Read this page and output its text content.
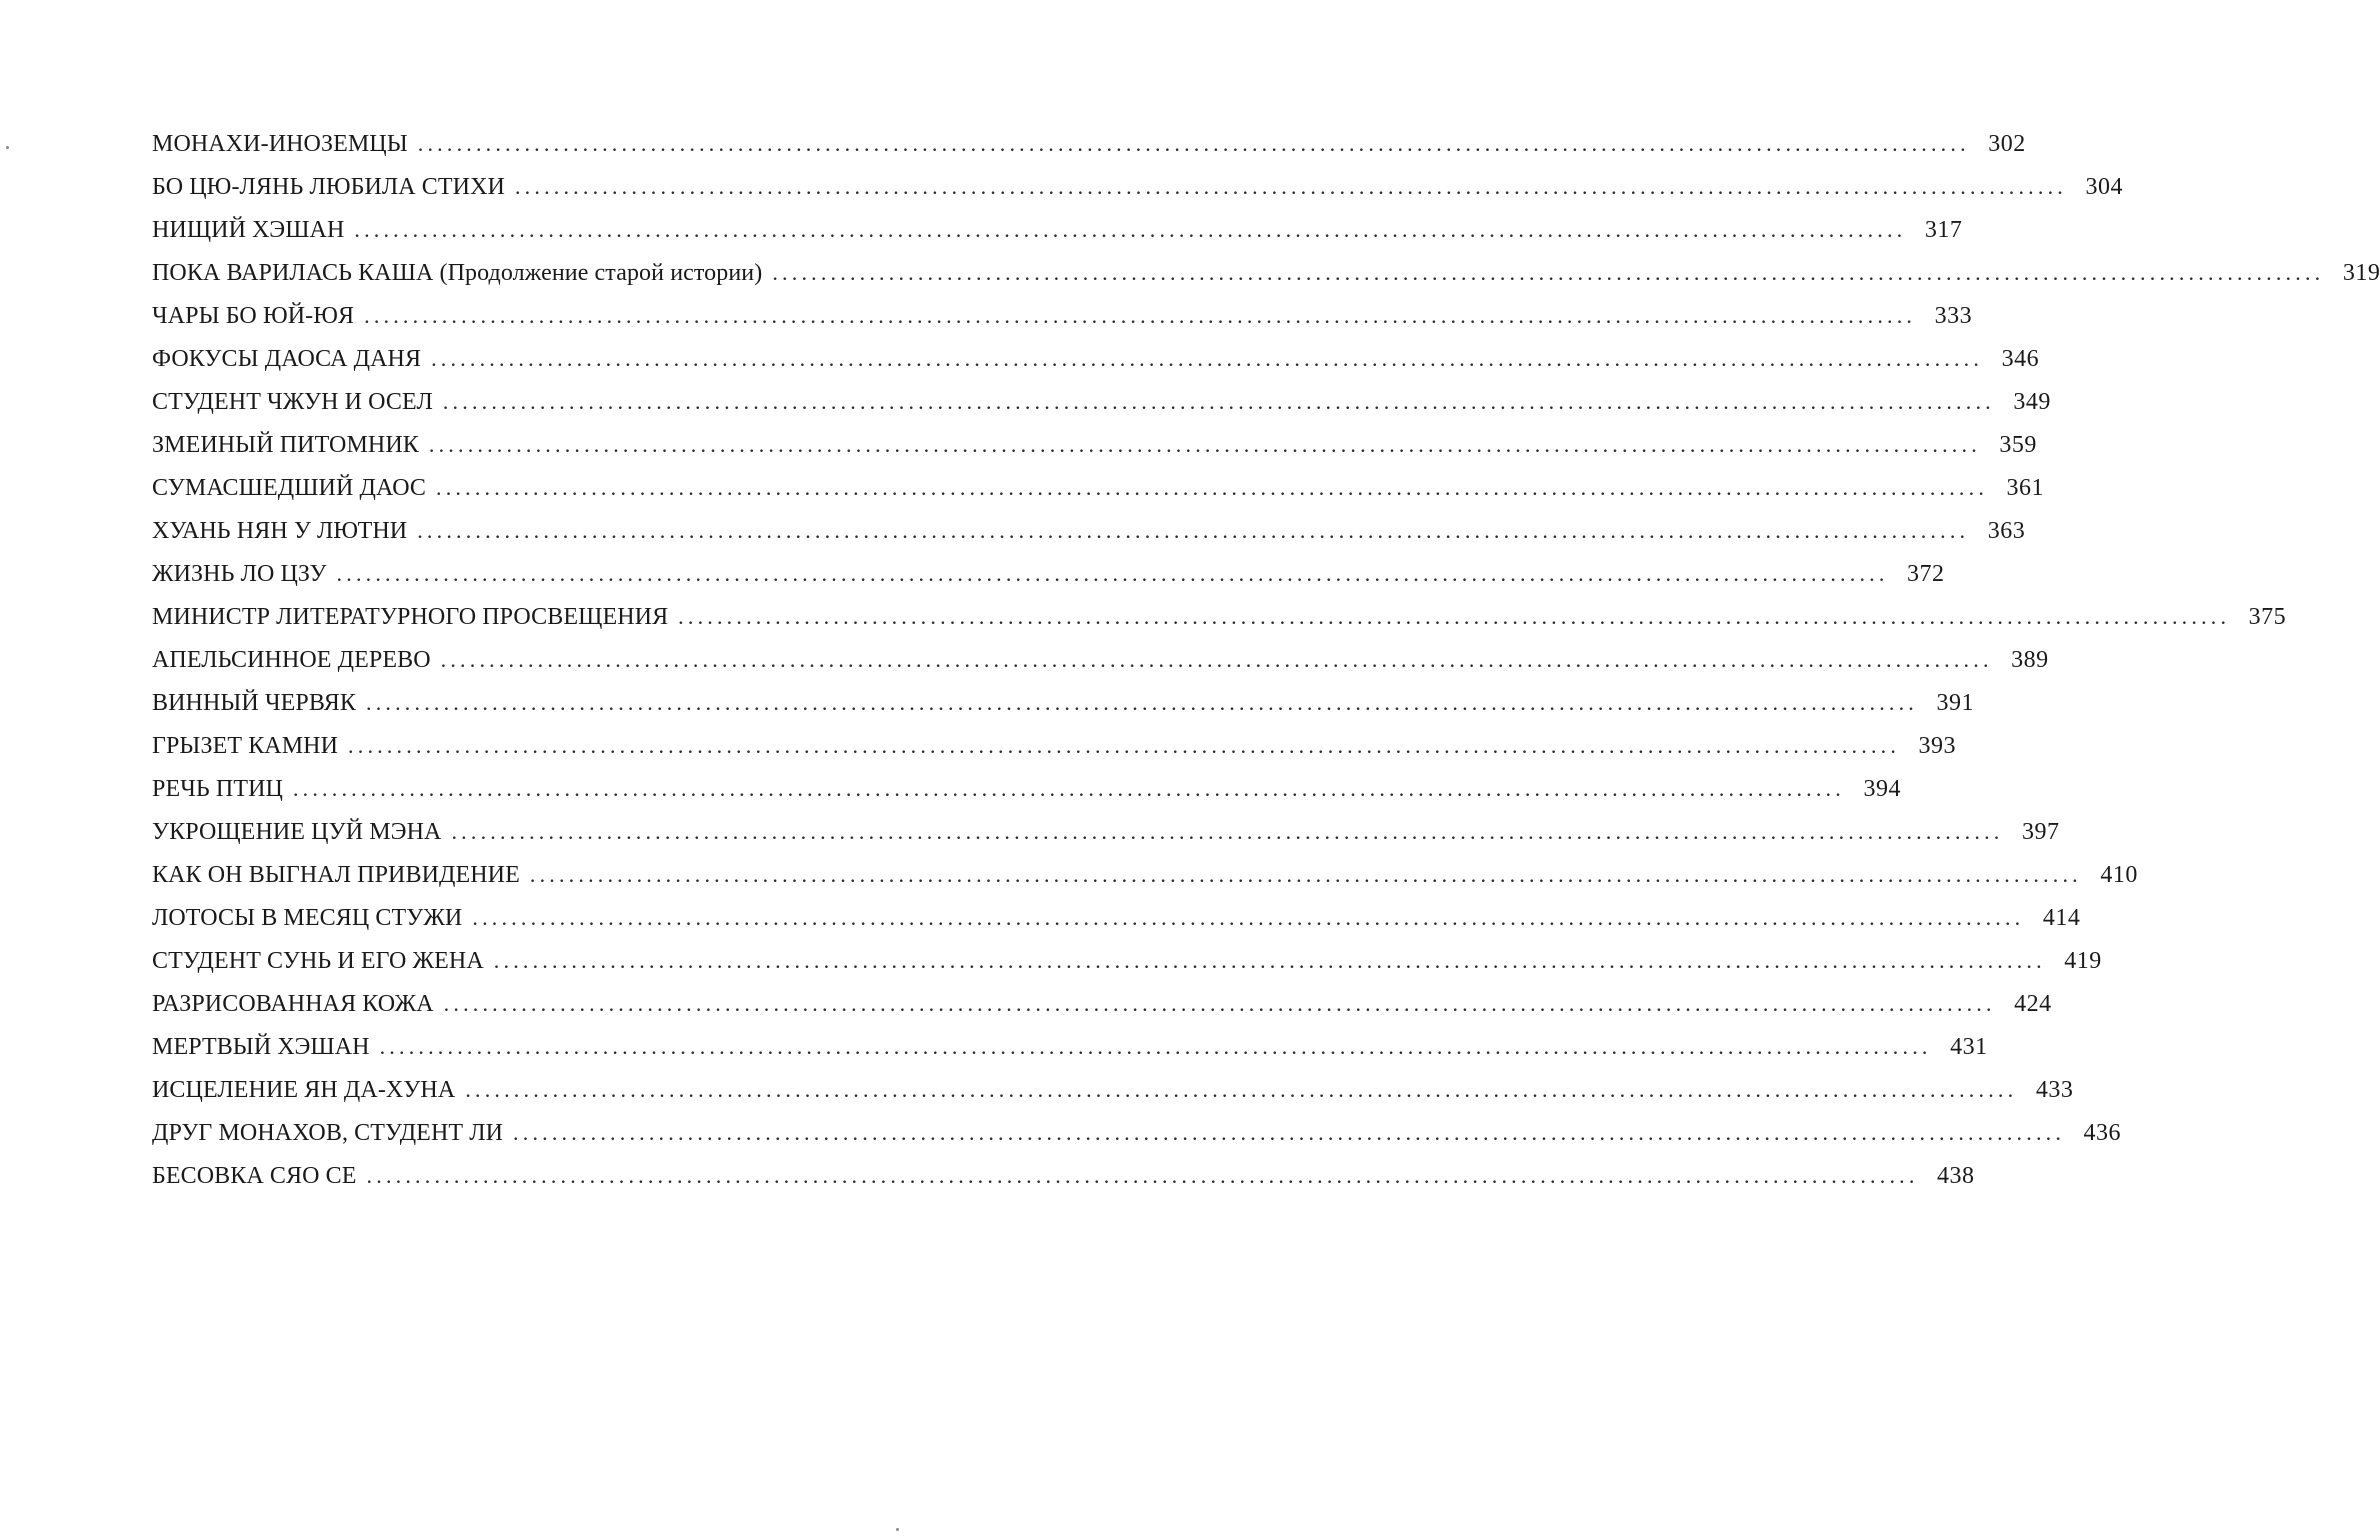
МОНАХИ-ИНОЗЕМЦЫ ................................................................................................................................................................ 302
БО ЦЮ-ЛЯНЬ ЛЮБИЛА СТИХИ ................................................................................................................................................................ 304
НИЩИЙ ХЭШАН ................................................................................................................................................................ 317
ПОКА ВАРИЛАСЬ КАША (Продолжение старой истории) ................................................................................................................................................................ 319
ЧАРЫ БО ЮЙ-ЮЯ ................................................................................................................................................................ 333
ФОКУСЫ ДАОСА ДАНЯ ................................................................................................................................................................ 346
СТУДЕНТ ЧЖУН И ОСЕЛ ................................................................................................................................................................ 349
ЗМЕИНЫЙ ПИТОМНИК ................................................................................................................................................................ 359
СУМАСШЕДШИЙ ДАОС ................................................................................................................................................................ 361
ХУАНЬ НЯН У ЛЮТНИ ................................................................................................................................................................ 363
ЖИЗНЬ ЛО ЦЗУ ................................................................................................................................................................ 372
МИНИСТР ЛИТЕРАТУРНОГО ПРОСВЕЩЕНИЯ ................................................................................................................................................................ 375
АПЕЛЬСИННОЕ ДЕРЕВО ................................................................................................................................................................ 389
ВИННЫЙ ЧЕРВЯК ................................................................................................................................................................ 391
ГРЫЗЕТ КАМНИ ................................................................................................................................................................ 393
РЕЧЬ ПТИЦ ................................................................................................................................................................ 394
УКРОЩЕНИЕ ЦУЙ МЭНА ................................................................................................................................................................ 397
КАК ОН ВЫГНАЛ ПРИВИДЕНИЕ ................................................................................................................................................................ 410
ЛОТОСЫ В МЕСЯЦ СТУЖИ ................................................................................................................................................................ 414
СТУДЕНТ СУНЬ И ЕГО ЖЕНА ................................................................................................................................................................ 419
РАЗРИСОВАННАЯ КОЖА ................................................................................................................................................................ 424
МЕРТВЫЙ ХЭШАН ................................................................................................................................................................ 431
ИСЦЕЛЕНИЕ ЯН ДА-ХУНА ................................................................................................................................................................ 433
ДРУГ МОНАХОВ, СТУДЕНТ ЛИ ................................................................................................................................................................ 436
БЕСОВКА СЯО СЕ ................................................................................................................................................................ 438
